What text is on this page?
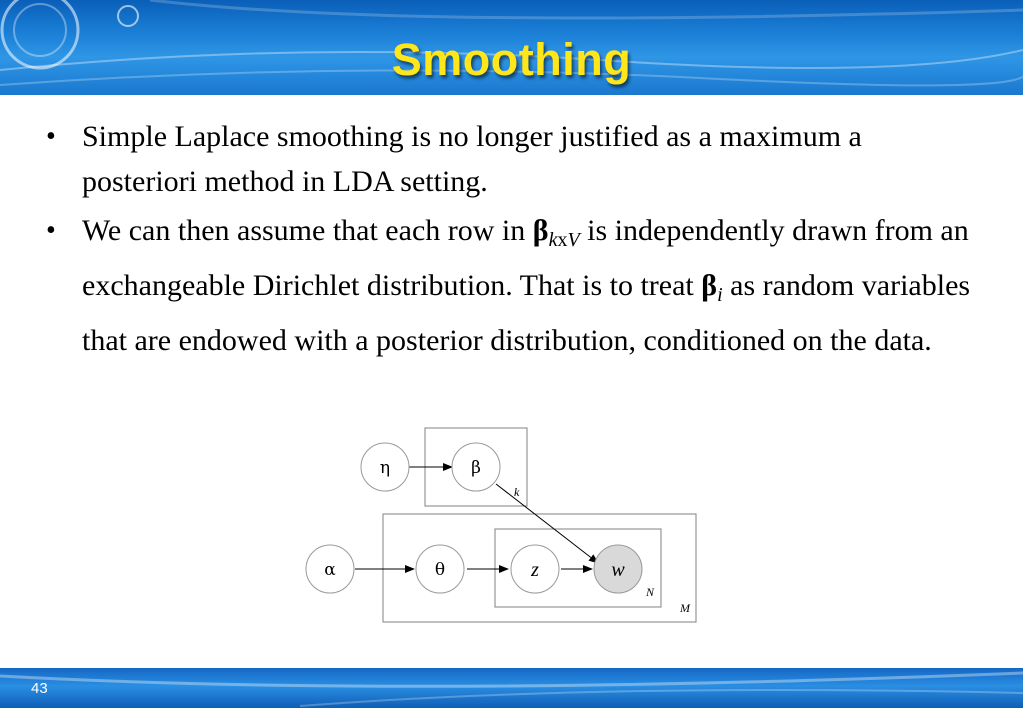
Smoothing
• Simple Laplace smoothing is no longer justified as a maximum a posteriori method in LDA setting.
• We can then assume that each row in $\beta_{kxV}$ is independently drawn from an exchangeable Dirichlet distribution. That is to treat $\beta_i$ as random variables that are endowed with a posterior distribution, conditioned on the data.
k
N
M
η	β
α	θ	z	w
43
